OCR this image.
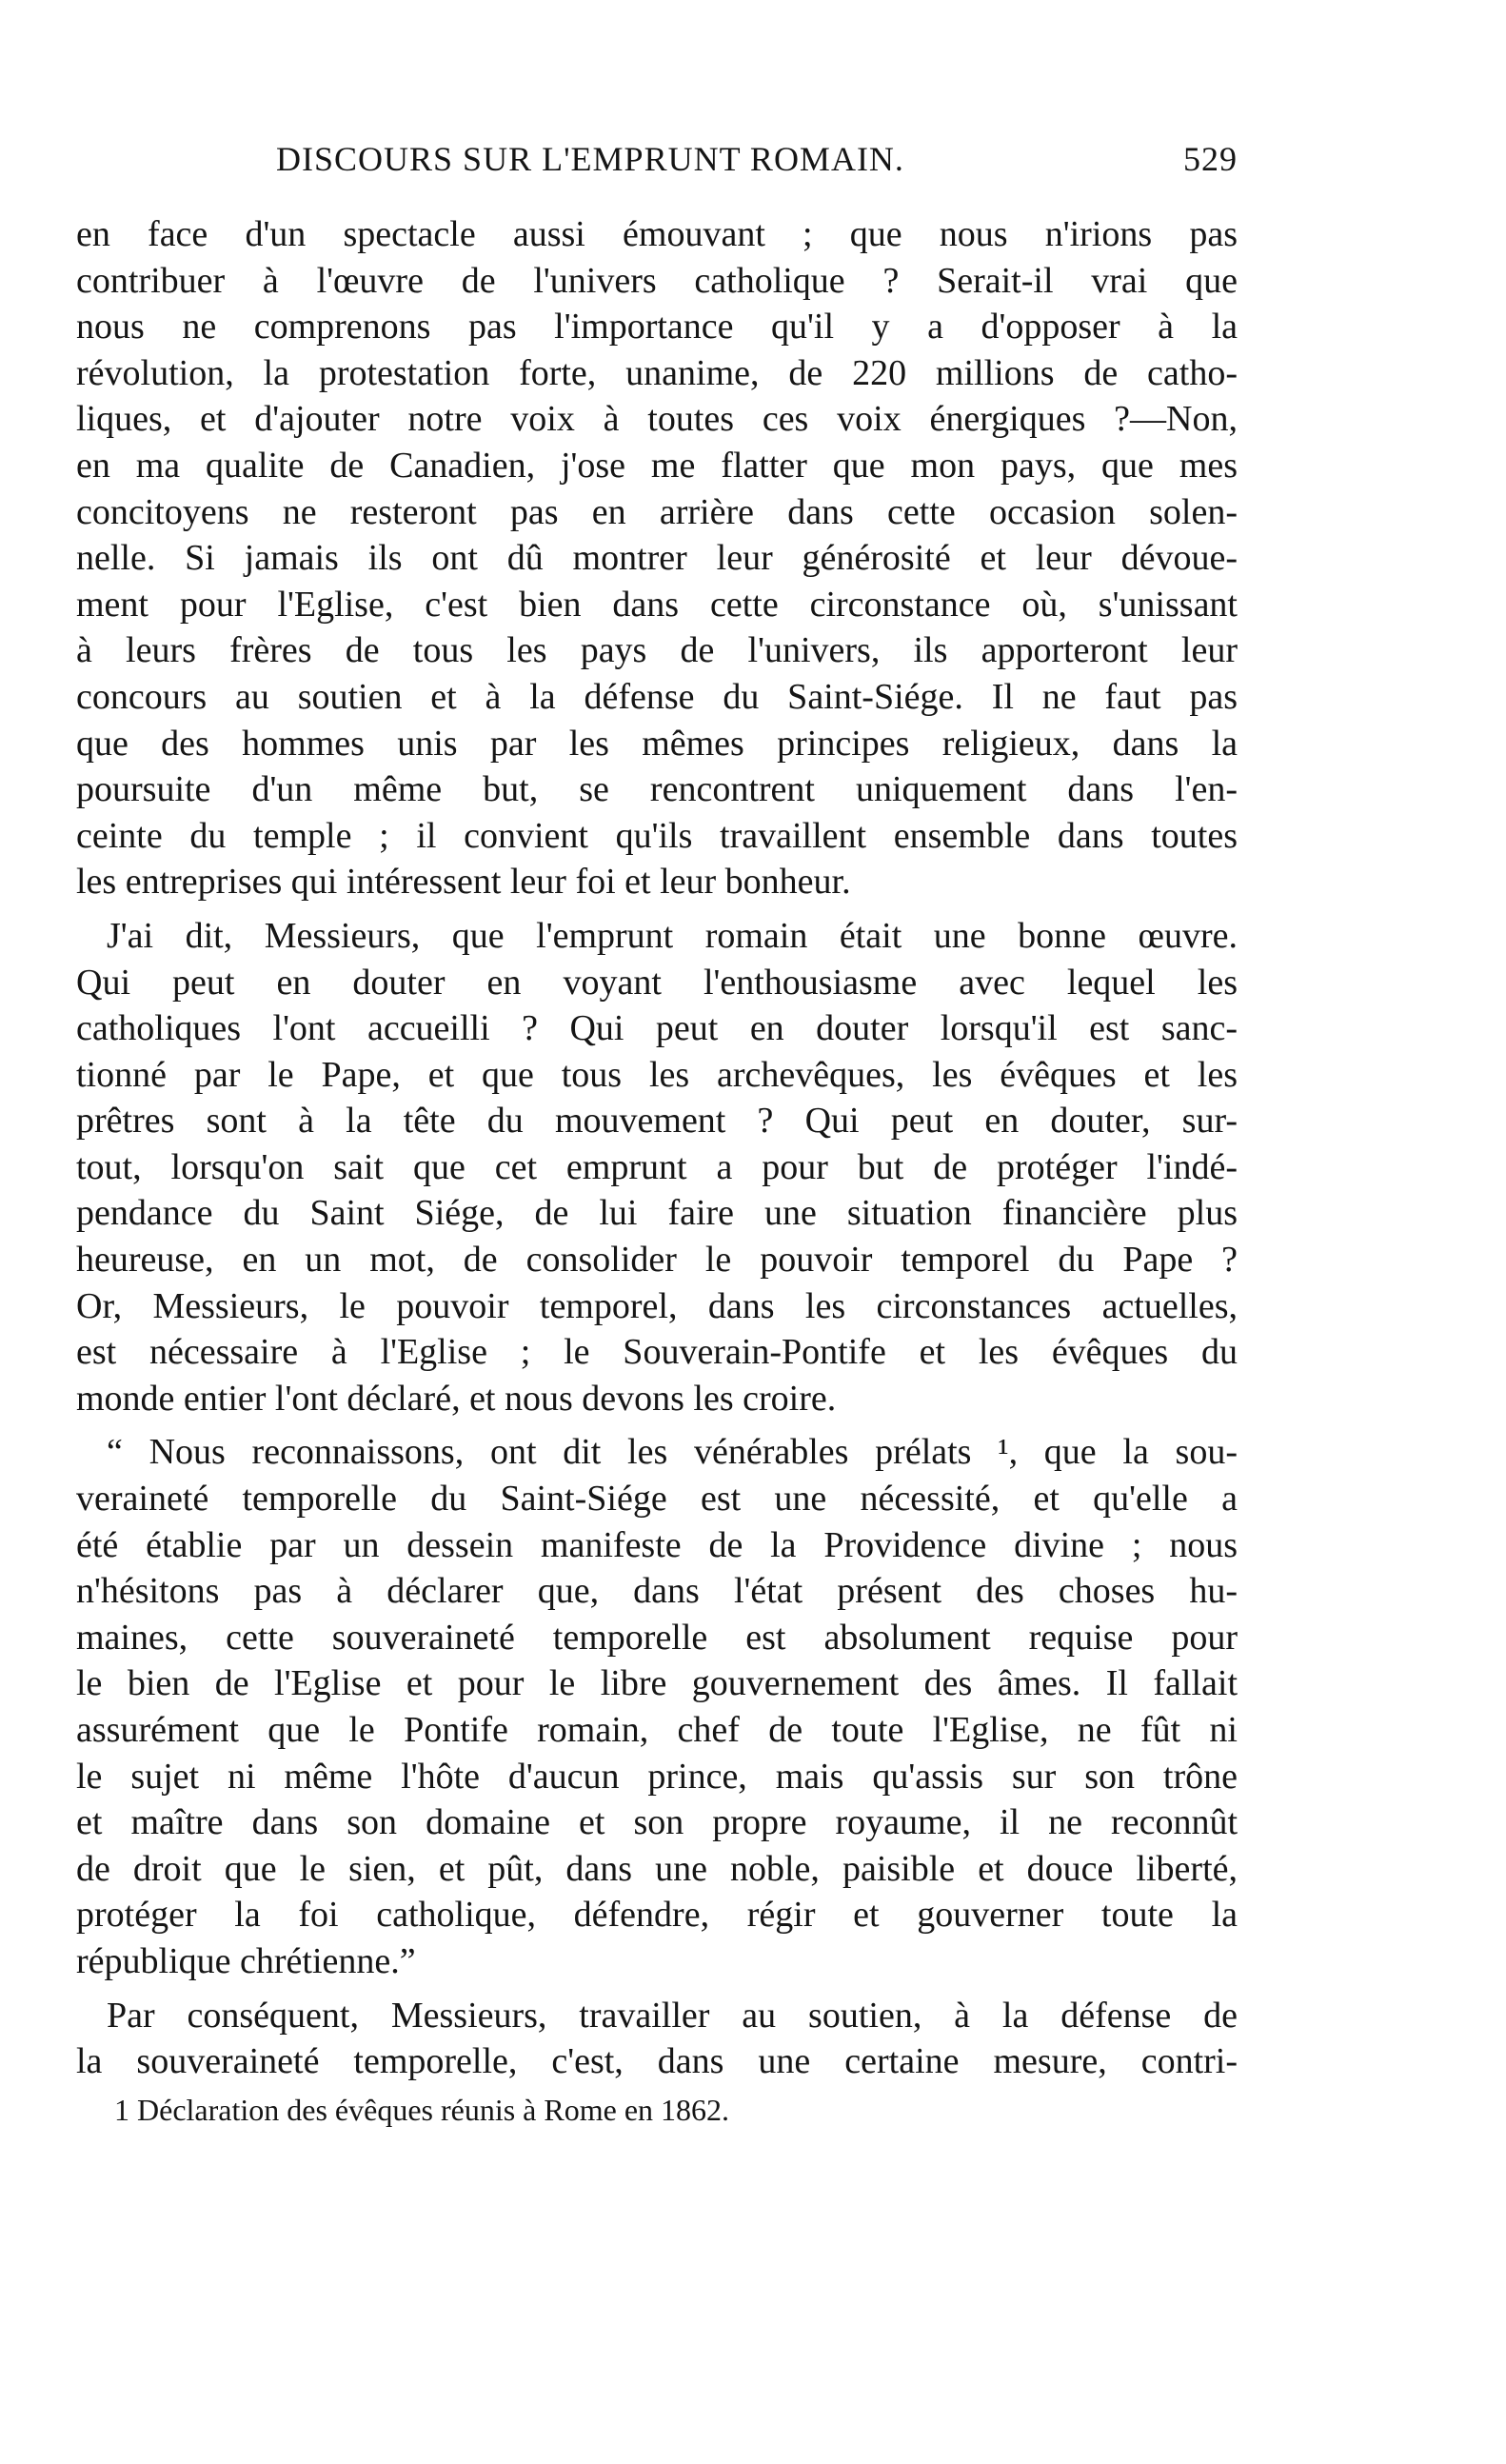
DISCOURS SUR L'EMPRUNT ROMAIN.	529
en face d'un spectacle aussi émouvant ; que nous n'irions pas
contribuer à l'œuvre de l'univers catholique ? Serait-il vrai que
nous ne comprenons pas l'importance qu'il y a d'opposer à la
révolution, la protestation forte, unanime, de 220 millions de catho-
liques, et d'ajouter notre voix à toutes ces voix énergiques ?—Non,
en ma qualite de Canadien, j'ose me flatter que mon pays, que mes
concitoyens ne resteront pas en arrière dans cette occasion solen-
nelle. Si jamais ils ont dû montrer leur générosité et leur dévoue-
ment pour l'Eglise, c'est bien dans cette circonstance où, s'unissant
à leurs frères de tous les pays de l'univers, ils apporteront leur
concours au soutien et à la défense du Saint-Siége. Il ne faut pas
que des hommes unis par les mêmes principes religieux, dans la
poursuite d'un même but, se rencontrent uniquement dans l'en-
ceinte du temple ; il convient qu'ils travaillent ensemble dans toutes
les entreprises qui intéressent leur foi et leur bonheur.
J'ai dit, Messieurs, que l'emprunt romain était une bonne œuvre.
Qui peut en douter en voyant l'enthousiasme avec lequel les
catholiques l'ont accueilli ? Qui peut en douter lorsqu'il est sanc-
tionné par le Pape, et que tous les archevêques, les évêques et les
prêtres sont à la tête du mouvement ? Qui peut en douter, sur-
tout, lorsqu'on sait que cet emprunt a pour but de protéger l'indé-
pendance du Saint Siége, de lui faire une situation financière plus
heureuse, en un mot, de consolider le pouvoir temporel du Pape ?
Or, Messieurs, le pouvoir temporel, dans les circonstances actuelles,
est nécessaire à l'Eglise ; le Souverain-Pontife et les évêques du
monde entier l'ont déclaré, et nous devons les croire.
“ Nous reconnaissons, ont dit les vénérables prélats ¹, que la sou-
veraineté temporelle du Saint-Siége est une nécessité, et qu'elle a
été établie par un dessein manifeste de la Providence divine ; nous
n'hésitons pas à déclarer que, dans l'état présent des choses hu-
maines, cette souveraineté temporelle est absolument requise pour
le bien de l'Eglise et pour le libre gouvernement des âmes. Il fallait
assurément que le Pontife romain, chef de toute l'Eglise, ne fût ni
le sujet ni même l'hôte d'aucun prince, mais qu'assis sur son trône
et maître dans son domaine et son propre royaume, il ne reconnût
de droit que le sien, et pût, dans une noble, paisible et douce liberté,
protéger la foi catholique, défendre, régir et gouverner toute la
république chrétienne.”
Par conséquent, Messieurs, travailler au soutien, à la défense de
la souveraineté temporelle, c'est, dans une certaine mesure, contri-
1 Déclaration des évêques réunis à Rome en 1862.
